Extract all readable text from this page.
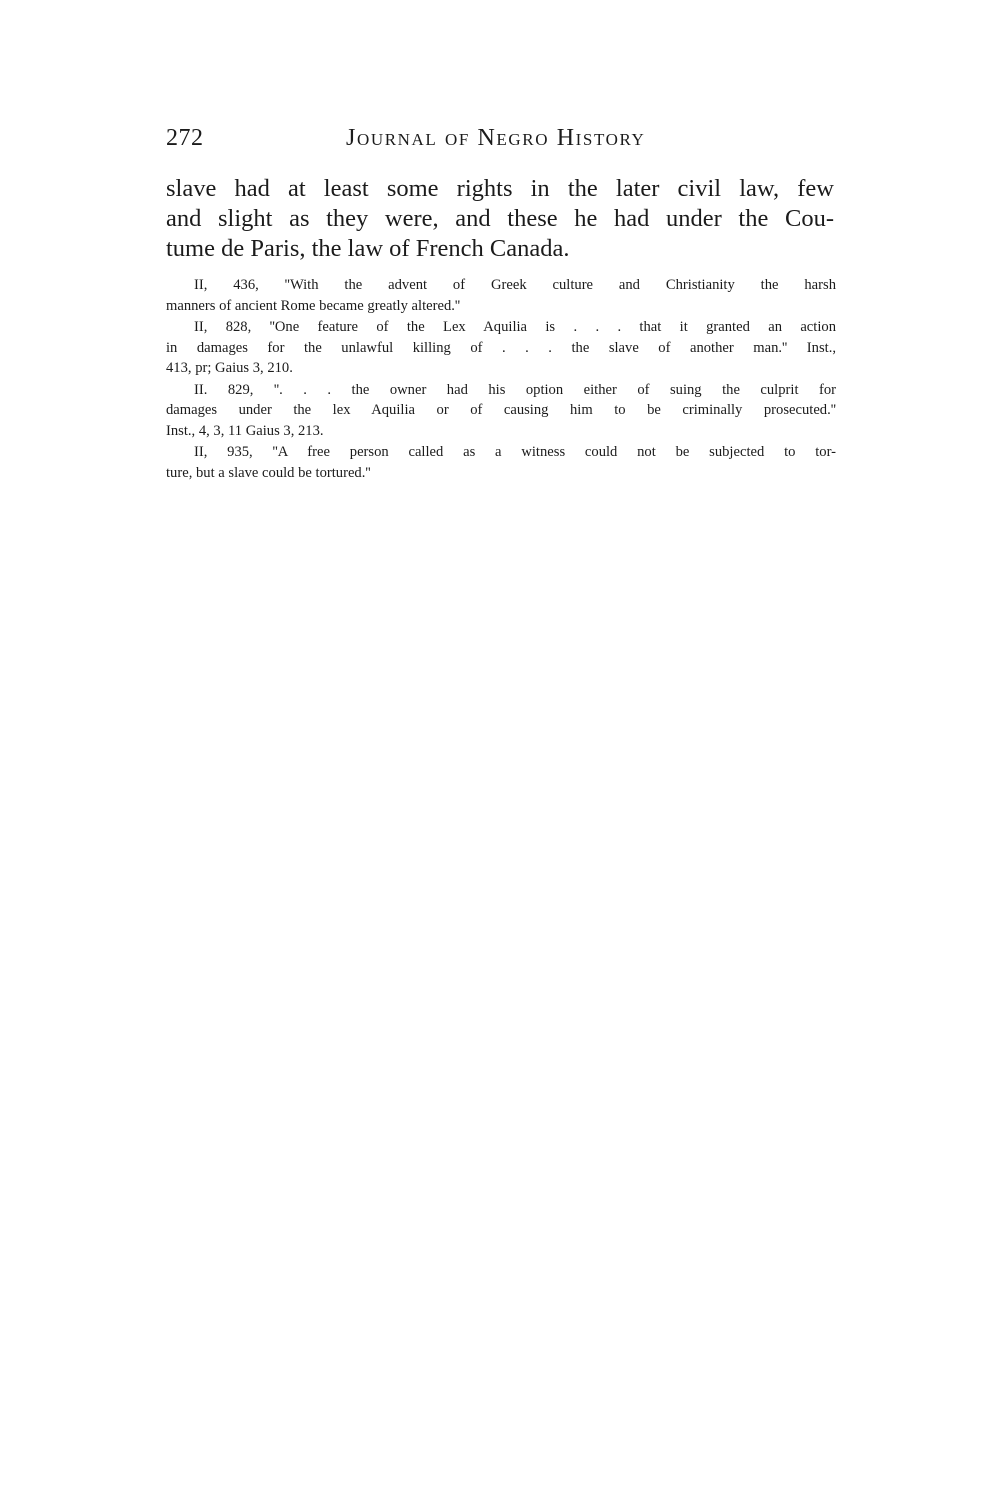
272	Journal of Negro History

slave had at least some rights in the later civil law, few
and slight as they were, and these he had under the Cou-
tume de Paris, the law of French Canada.

II, 436, ''With the advent of Greek culture and Christianity the harsh
manners of ancient Rome became greatly altered.''
II, 828, ''One feature of the Lex Aquilia is . . . that it granted an action
in damages for the unlawful killing of . . . the slave of another man.'' Inst.,
413, pr; Gaius 3, 210.
II. 829, ''. . . the owner had his option either of suing the culprit for
damages under the lex Aquilia or of causing him to be criminally prosecuted.''
Inst., 4, 3, 11 Gaius 3, 213.
II, 935, ''A free person called as a witness could not be subjected to tor-
ture, but a slave could be tortured.''
